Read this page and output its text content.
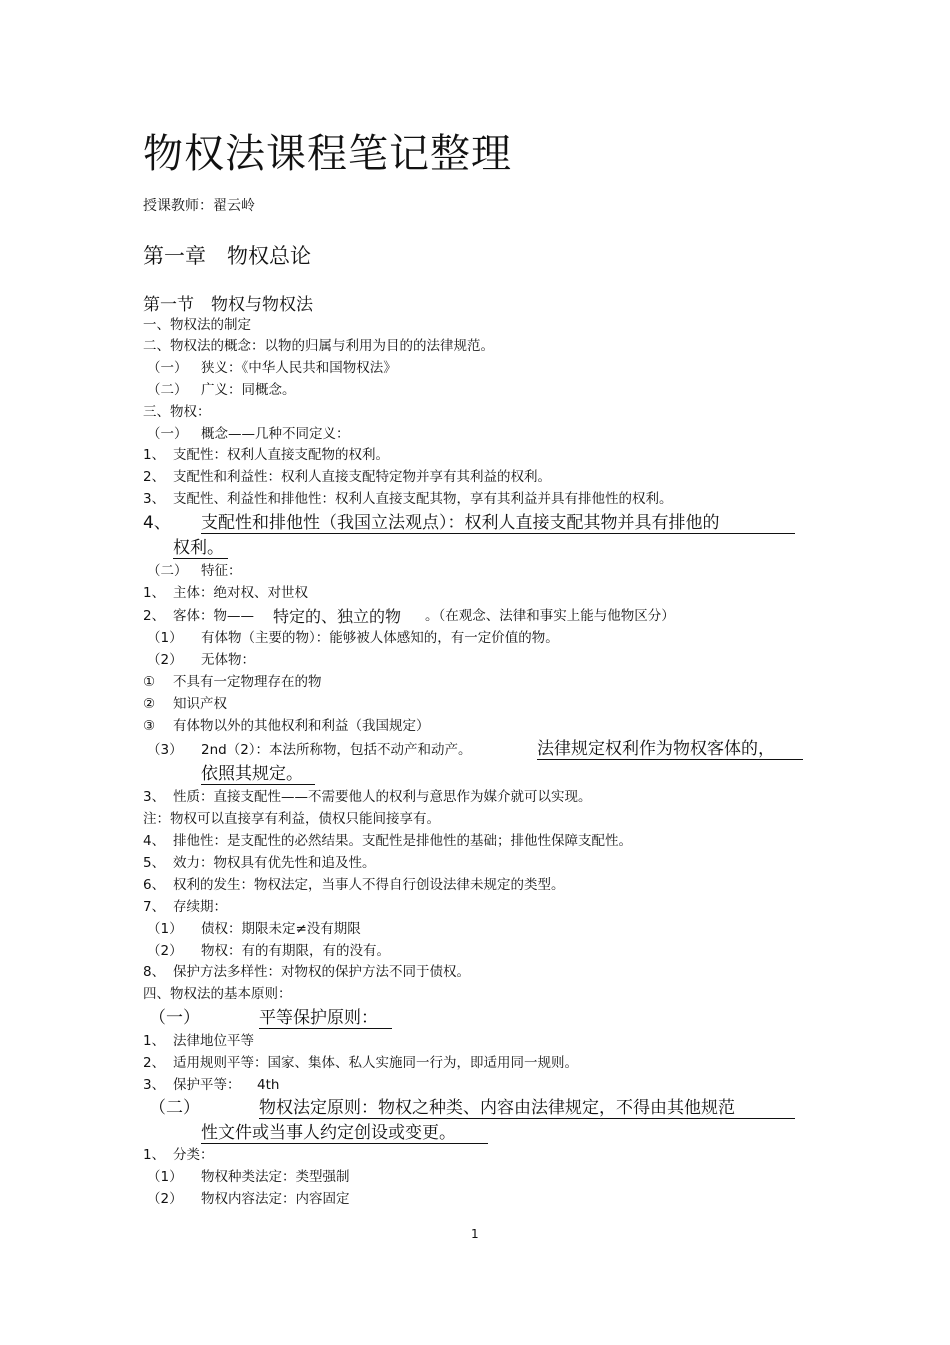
物权法课程笔记整理
授课教师：翟云岭
第一章　物权总论
第一节　物权与物权法
一、物权法的制定
二、物权法的概念：以物的归属与利用为目的的法律规范。
（一） 狭义：《中华人民共和国物权法》
（二） 广义：同概念。
三、物权：
（一） 概念——几种不同定义：
1、 支配性：权利人直接支配物的权利。
2、 支配性和利益性：权利人直接支配特定物并享有其利益的权利。
3、 支配性、利益性和排他性：权利人直接支配其物，享有其利益并具有排他性的权利。
4、 支配性和排他性（我国立法观点）：权利人直接支配其物并具有排他的
权利。
（二） 特征：
1、 主体：绝对权、对世权
2、 客体：物—— 特定的、独立的物 。（在观念、法律和事实上能与他物区分）
（1） 有体物（主要的物）：能够被人体感知的，有一定价值的物。
（2） 无体物：
① 不具有一定物理存在的物
② 知识产权
③ 有体物以外的其他权利和利益（我国规定）
（3） 2nd（2）：本法所称物，包括不动产和动产。	法律规定权利作为物权客体的，
依照其规定。
3、 性质：直接支配性——不需要他人的权利与意思作为媒介就可以实现。
注：物权可以直接享有利益，债权只能间接享有。
4、 排他性：是支配性的必然结果。支配性是排他性的基础；排他性保障支配性。
5、 效力：物权具有优先性和追及性。
6、 权利的发生：物权法定，当事人不得自行创设法律未规定的类型。
7、 存续期：
（1） 债权：期限未定≠没有期限
（2） 物权：有的有期限，有的没有。
8、 保护方法多样性：对物权的保护方法不同于债权。
四、物权法的基本原则：
（一）	平等保护原则：
1、 法律地位平等
2、 适用规则平等：国家、集体、私人实施同一行为，即适用同一规则。
3、 保护平等： 4th
（二）	物权法定原则：物权之种类、内容由法律规定，不得由其他规范
性文件或当事人约定创设或变更。
1、 分类：
（1） 物权种类法定：类型强制
（2） 物权内容法定：内容固定
1
